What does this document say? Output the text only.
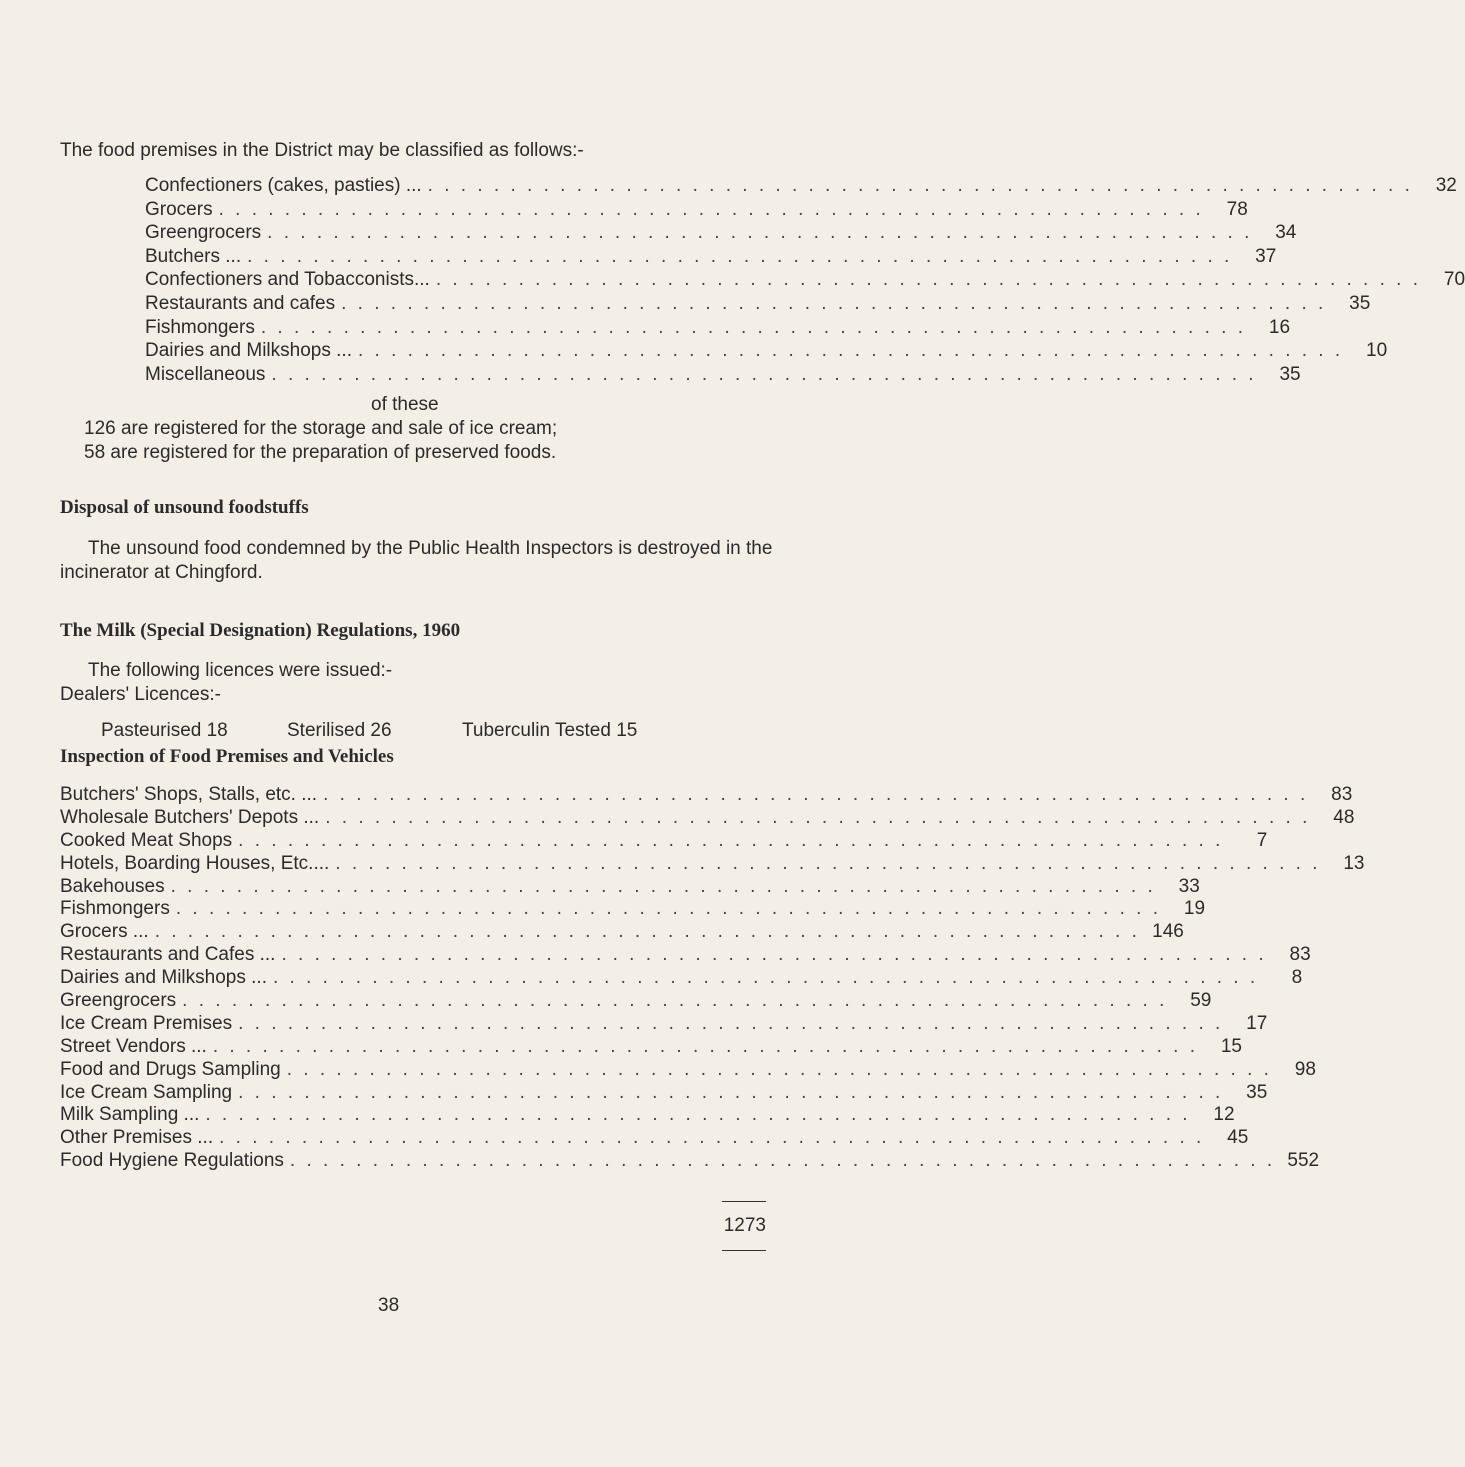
The food premises in the District may be classified as follows:-
Confectioners (cakes, pasties) ... . . . . . . . . . . . . . . . . . . . . . . . . . . . . . . . . . . . . . . . . . . . . . . . . . . . . . . . . . . . .	32
Grocers . . . . . . . . . . . . . . . . . . . . . . . . . . . . . . . . . . . . . . . . . . . . . . . . . . . . . . . . . . . .	78
Greengrocers . . . . . . . . . . . . . . . . . . . . . . . . . . . . . . . . . . . . . . . . . . . . . . . . . . . . . . . . . . . .	34
Butchers ... . . . . . . . . . . . . . . . . . . . . . . . . . . . . . . . . . . . . . . . . . . . . . . . . . . . . . . . . . . . .	37
Confectioners and Tobacconists... . . . . . . . . . . . . . . . . . . . . . . . . . . . . . . . . . . . . . . . . . . . . . . . . . . . . . . . . . . . .	70
Restaurants and cafes . . . . . . . . . . . . . . . . . . . . . . . . . . . . . . . . . . . . . . . . . . . . . . . . . . . . . . . . . . . .	35
Fishmongers . . . . . . . . . . . . . . . . . . . . . . . . . . . . . . . . . . . . . . . . . . . . . . . . . . . . . . . . . . . .	16
Dairies and Milkshops ... . . . . . . . . . . . . . . . . . . . . . . . . . . . . . . . . . . . . . . . . . . . . . . . . . . . . . . . . . . . .	10
Miscellaneous . . . . . . . . . . . . . . . . . . . . . . . . . . . . . . . . . . . . . . . . . . . . . . . . . . . . . . . . . . . .	35
of these
126 are registered for the storage and sale of ice cream;
58 are registered for the preparation of preserved foods.
Disposal of unsound foodstuffs
The unsound food condemned by the Public Health Inspectors is destroyed in the incinerator at Chingford.
The Milk (Special Designation) Regulations, 1960
The following licences were issued:-
Dealers' Licences:-
Pasteurised 18	Sterilised 26	Tuberculin Tested 15
Inspection of Food Premises and Vehicles
Butchers' Shops, Stalls, etc. ... . . . . . . . . . . . . . . . . . . . . . . . . . . . . . . . . . . . . . . . . . . . . . . . . . . . . . . . . . . . .	83
Wholesale Butchers' Depots ... . . . . . . . . . . . . . . . . . . . . . . . . . . . . . . . . . . . . . . . . . . . . . . . . . . . . . . . . . . . .	48
Cooked Meat Shops . . . . . . . . . . . . . . . . . . . . . . . . . . . . . . . . . . . . . . . . . . . . . . . . . . . . . . . . . . . .	7
Hotels, Boarding Houses, Etc.... . . . . . . . . . . . . . . . . . . . . . . . . . . . . . . . . . . . . . . . . . . . . . . . . . . . . . . . . . . . .	13
Bakehouses . . . . . . . . . . . . . . . . . . . . . . . . . . . . . . . . . . . . . . . . . . . . . . . . . . . . . . . . . . . .	33
Fishmongers . . . . . . . . . . . . . . . . . . . . . . . . . . . . . . . . . . . . . . . . . . . . . . . . . . . . . . . . . . . .	19
Grocers ... . . . . . . . . . . . . . . . . . . . . . . . . . . . . . . . . . . . . . . . . . . . . . . . . . . . . . . . . . . . . 146
Restaurants and Cafes ... . . . . . . . . . . . . . . . . . . . . . . . . . . . . . . . . . . . . . . . . . . . . . . . . . . . . . . . . . . . .	83
Dairies and Milkshops ... . . . . . . . . . . . . . . . . . . . . . . . . . . . . . . . . . . . . . . . . . . . . . . . . . . . . . . . . . . . .	8
Greengrocers . . . . . . . . . . . . . . . . . . . . . . . . . . . . . . . . . . . . . . . . . . . . . . . . . . . . . . . . . . . .	59
Ice Cream Premises . . . . . . . . . . . . . . . . . . . . . . . . . . . . . . . . . . . . . . . . . . . . . . . . . . . . . . . . . . . .	17
Street Vendors ... . . . . . . . . . . . . . . . . . . . . . . . . . . . . . . . . . . . . . . . . . . . . . . . . . . . . . . . . . . . .	15
Food and Drugs Sampling . . . . . . . . . . . . . . . . . . . . . . . . . . . . . . . . . . . . . . . . . . . . . . . . . . . . . . . . . . . .	98
Ice Cream Sampling . . . . . . . . . . . . . . . . . . . . . . . . . . . . . . . . . . . . . . . . . . . . . . . . . . . . . . . . . . . .	35
Milk Sampling ... . . . . . . . . . . . . . . . . . . . . . . . . . . . . . . . . . . . . . . . . . . . . . . . . . . . . . . . . . . . .	12
Other Premises ... . . . . . . . . . . . . . . . . . . . . . . . . . . . . . . . . . . . . . . . . . . . . . . . . . . . . . . . . . . . .	45
Food Hygiene Regulations . . . . . . . . . . . . . . . . . . . . . . . . . . . . . . . . . . . . . . . . . . . . . . . . . . . . . . . . . . . . 552
1273
38
